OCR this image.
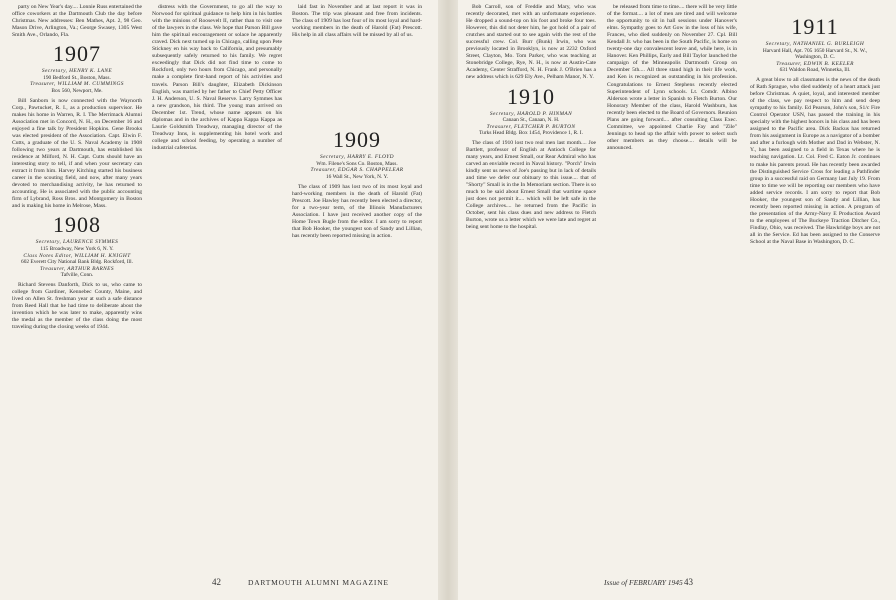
party on New Year's day.... Lonnie Russ entertained the office coworkers at the Dartmouth Club the day before Christmas. New addresses: Ben Mathes, Apt. 2, 98 Geo. Mason Drive, Arlington, Va.; George Swasey, 1305 West Smith Ave., Orlando, Fla.

1907
Secretary, HENRY K. LANE
190 Bedford St., Boston, Mass.
Treasurer, WILLIAM M. CUMMINGS
Box 560, Newport, Me.

Bill Sanborn is now connected with the Waynorth Corp., Pawtucket, R. I., as a production supervisor. He makes his home in Warren, R. I. The Merrimack Alumni Association met in Concord, N. H., on December 16 and enjoyed a fine talk by President Hopkins. Gene Brooks was elected president of the Association. Capt. Elwin F. Cutts, a graduate of the U. S. Naval Academy in 1908 following two years at Dartmouth, has established his residence at Milford, N. H. Capt. Cutts should have an interesting story to tell, if and when your secretary can extract it from him. Harvey Kitching started his business career in the scouting field, and now, after many years devoted to merchandising activity, he has returned to accounting. He is associated with the public accounting firm of Lybrand, Ross Bros. and Montgomery in Boston and is making his home in Melrose, Mass.

1908
Secretary, LAURENCE SYMMES
115 Broadway, New York 6, N. Y.
Class Notes Editor, WILLIAM H. KNIGHT
602 Everett City National Bank Bldg. Rockford, Ill.
Treasurer, ARTHUR BARNES
Tafville, Conn.

Richard Stevens Danforth, Dick to us, who came to college from Gardiner, Kennebec County, Maine, and lived on Allen St. freshman year at such a safe distance from Reed Hall that he had time to deliberate about the invention which he was later to make, apparently wins the medal as the member of the class doing the most traveling during the closing weeks of 1944.

distress with the Government, to go all the way to Norwood for spiritual guidance to help him in his battles with the minions of Roosevelt II, rather than to visit one of the lawyers in the class. We hope that Parson Bill gave him the spiritual encouragement or solace he apparently craved. Dick next turned up in Chicago, calling upon Pete Stickney en his way back to California, and presumably subsequently safely returned to his family. We regret exceedingly that Dick did not find time to come to Rockford, only two hours from Chicago, and personally make a complete first-hand report of his activities and travels. Parson Bill's daughter, Elizabeth Dickinson English, was married by her father to Chief Petty Officer J. H. Anderson, U. S. Naval Reserve. Larry Symmes has a new grandson, his third. The young man arrived on December 1st. Trend, whose name appears on his diplomas and in the archives of Kappa Kappa Kappa as Laurie Goldsmith Treadway, managing director of the Treadway Inns, is supplementing his hotel work and college and school feeding, by operating a number of industrial cafeterias.

laid fast in November and at last report it was in Boston. The trip was pleasant and free from incidents. The class of 1909 has lost four of its most loyal and hard-working members in the death of Harold (Fat) Prescott. His help in all class affairs will be missed by all of us.

1909
Secretary, HARRY E. FLOYD
Wm. Filene's Sons Co. Boston, Mass.
Treasurer, EDGAR S. CHAPPELEAR
16 Wall St., New York, N. Y.

The class of 1909 has lost two of its most loyal and hard-working members in the death of Harold (Fat) Prescott. Joe Hawley has recently been elected a director, for a two-year term, of the Illinois Manufacturers Association. I have just received another copy of the Home Town Bugle from the editor. I am sorry to report that Bob Hooker, the youngest son of Sandy and Lillian, has recently been reported missing in action.

42	DARTMOUTH ALUMNI MAGAZINE

Bob Carroll, son of Freddie and Mary, who was recently decorated, met with an unfortunate experience. He dropped a sound-top on his foot and broke four toes. However, this did not deter him, he got hold of a pair of crutches and started out to see again with the rest of the successful crew. Col. Burr (Bunk) Irwin, who was previously located in Brooklyn, is now at 2232 Oxford Street, Clayton, Mo. Tom Parker, who was teaching at Stonebridge College, Rye, N. H., is now at Austin-Cate Academy, Center Strafford, N. H. Frank J. O'Brien has a new address which is 629 Ely Ave., Pelham Manor, N. Y.

1910
Secretary, HAROLD P. HINMAN
Canaan St., Canaan, N. H.
Treasurer, FLETCHER P. BURTON
Turks Head Bldg. Box 1454, Providence 1, R. I.

The class of 1910 lost two real men last month.... Joe Bartlett, professor of English at Antioch College for many years, and Ernest Small, our Rear Admiral who has carved an enviable record in Naval history. "Porch" Irwin kindly sent us news of Joe's passing but in lack of details and time we defer our obituary to this issue.... that of "Shorty" Small is in the In Memoriam section. There is so much to be said about Ernest Small that wartime space just does not permit it.... which will be left safe in the College archives.... he returned from the Pacific in October, sent his class dues and new address to Fletch Burton, wrote us a letter which we were late and regret at being sent home to the hospital.

be released from time to time.... there will be very little of the format.... a lot of men are tired and will welcome the opportunity to sit in hall sessions under Hanover's elms. Sympathy goes to Art Gow in the loss of his wife, Frances, who died suddenly on November 27. Cpl. Bill Kendall Jr. who has been in the South Pacific, is home on twenty-one day convalescent leave and, while here, is in Hanover. Ken Phillips, Early and Bill Taylor launched the campaign of the Minneapolis Dartmouth Group on December 5th.... All three stand high in their life work, and Ken is recognized as outstanding in his profession. Congratulations to Ernest Stephens recently elected Superintendent of Lynn schools. Lt. Comdr. Albino Alderson wrote a letter in Spanish to Fletch Burton. Our Honorary Member of the class, Harold Washburn, has recently been elected to the Board of Governors. Reunion Plans are going forward.... after consulting Class Exec. Committee, we appointed Charlie Fay and "Zile" Jennings to head up the affair with power to select such other members as they choose.... details will be announced.

1911
Secretary, NATHANIEL G. BURLEIGH
Harvard Hall, Apt. 705 1650 Harvard St., N. W., Washington, D. C.
Treasurer, EDWIN B. KEELER
631 Waldon Road, Winnetka, Ill.

A great blow to all classmates is the news of the death of Rath Sprague, who died suddenly of a heart attack just before Christmas. A quiet, loyal, and interested member of the class, we pay respect to him and send deep sympathy to his family. Ed Pearson, John's son, S1/c Fire Control Operator USN, has passed the training in his specialty with the highest honors in his class and has been assigned to the Pacific area. Dick Backus has returned from his assignment in Europe as a navigator of a bomber and after a furlough with Mother and Dad in Webster, N. Y., has been assigned to a field in Texas where he is teaching navigation. Lt. Col. Fred C. Eaton Jr. continues to make his parents proud. He has recently been awarded the Distinguished Service Cross for leading a Pathfinder group in a successful raid on Germany last July 19. From time to time we will be reporting our members who have added service records. I am sorry to report that Bob Hooker, the youngest son of Sandy and Lillian, has recently been reported missing in action. A program of the presentation of the Army-Navy E Production Award to the employees of The Buckeye Traction Ditcher Co., Findlay, Ohio, was received. The Hawkridge boys are not all in the Service. Ed has been assigned to the Conserve School at the Naval Base in Washington, D. C.

Issue of FEBRUARY 1945 43
